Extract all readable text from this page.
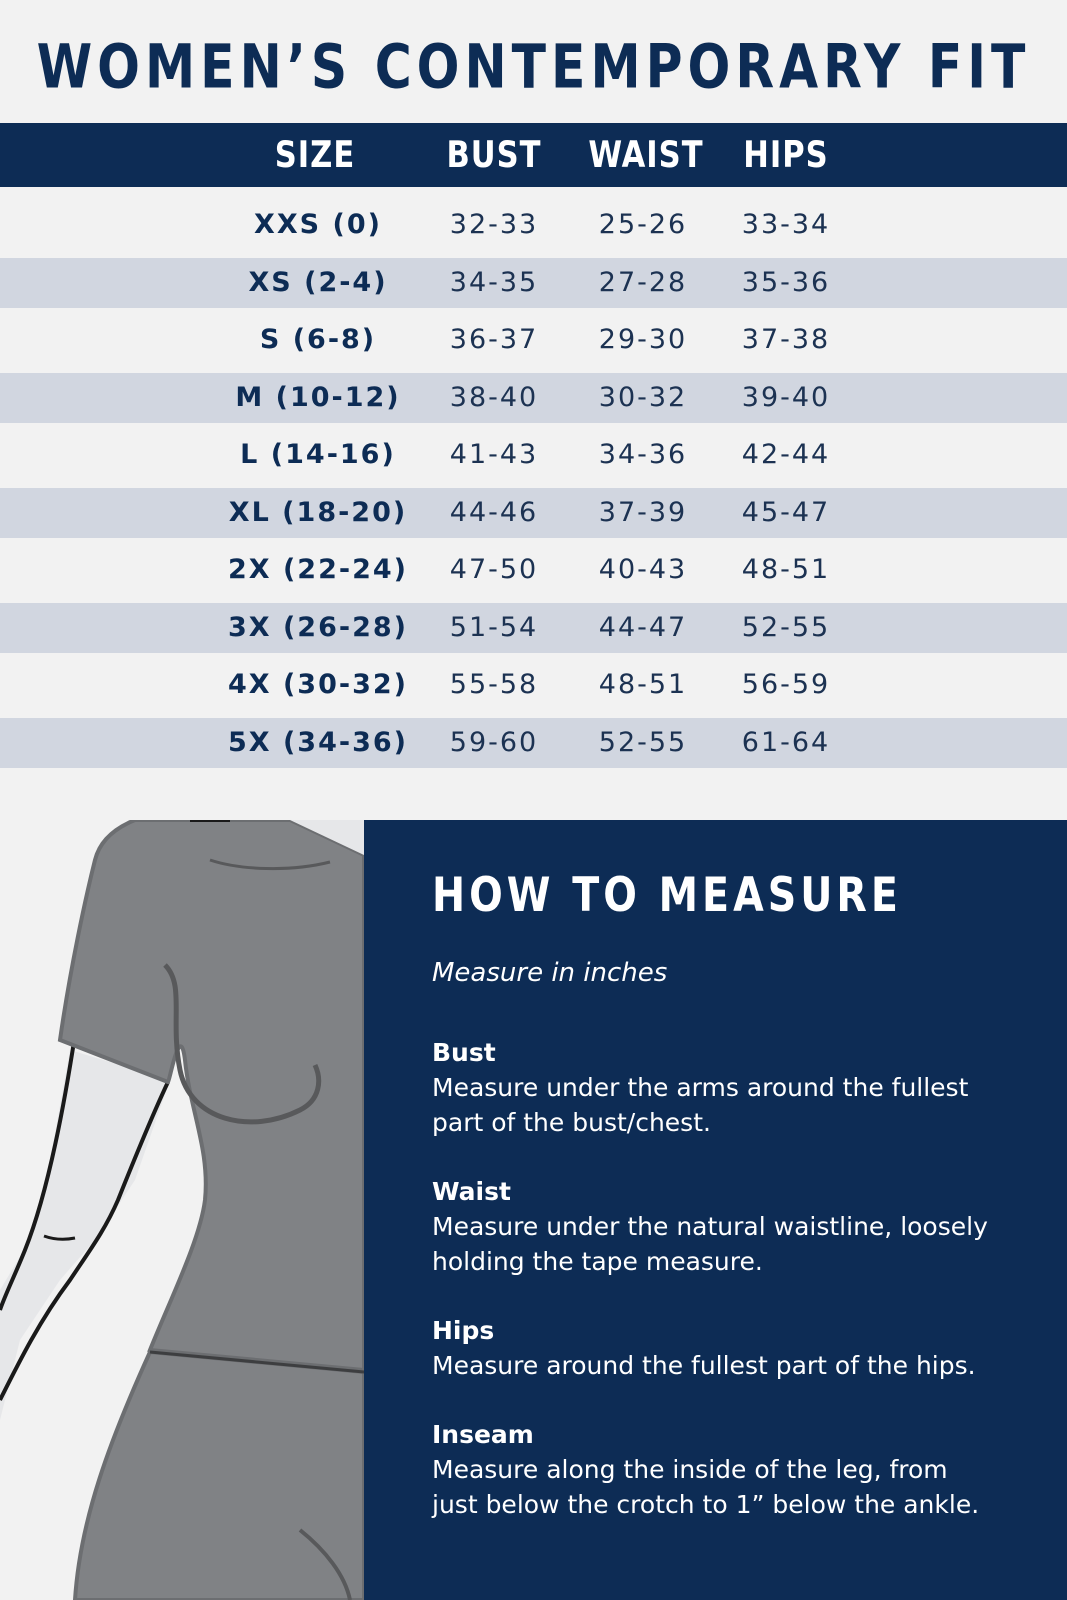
WOMEN’S CONTEMPORARY FIT
SIZE	BUST	WAIST	HIPS
XXS (0)	32-33	25-26	33-34
XS (2-4)	34-35	27-28	35-36
S (6-8)	36-37	29-30	37-38
M (10-12)	38-40	30-32	39-40
L (14-16)	41-43	34-36	42-44
XL (18-20)	44-46	37-39	45-47
2X (22-24)	47-50	40-43	48-51
3X (26-28)	51-54	44-47	52-55
4X (30-32)	55-58	48-51	56-59
5X (34-36)	59-60	52-55	61-64
HOW TO MEASURE
Measure in inches
Bust
Measure under the arms around the fullest
part of the bust/chest.
Waist
Measure under the natural waistline, loosely
holding the tape measure.
Hips
Measure around the fullest part of the hips.
Inseam
Measure along the inside of the leg, from
just below the crotch to 1” below the ankle.
